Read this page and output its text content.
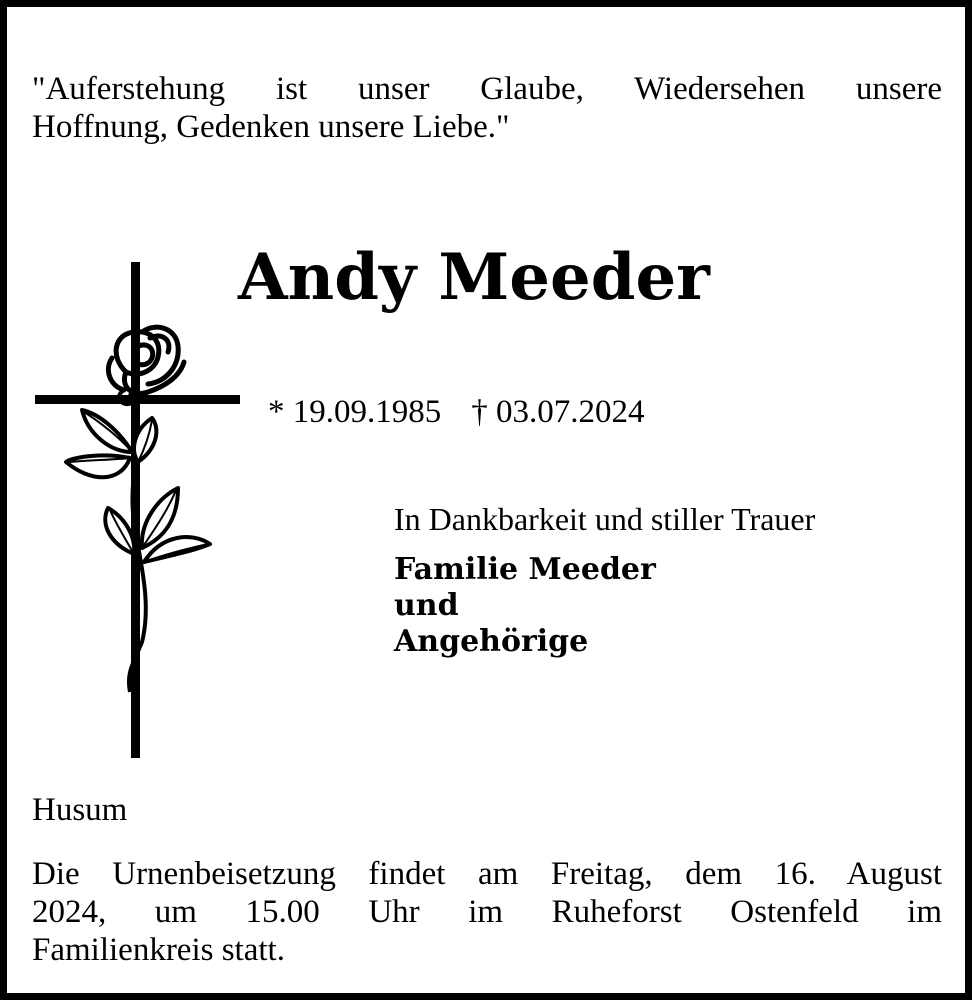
"Auferstehung ist unser Glaube, Wiedersehen unsere
Hoffnung, Gedenken unsere Liebe."
Andy Meeder
* 19.09.1985 † 03.07.2024
In Dankbarkeit und stiller Trauer
Familie Meeder
und
Angehörige
Husum
Die Urnenbeisetzung findet am Freitag, dem 16. August
2024, um 15.00 Uhr im Ruheforst Ostenfeld im
Familienkreis statt.
